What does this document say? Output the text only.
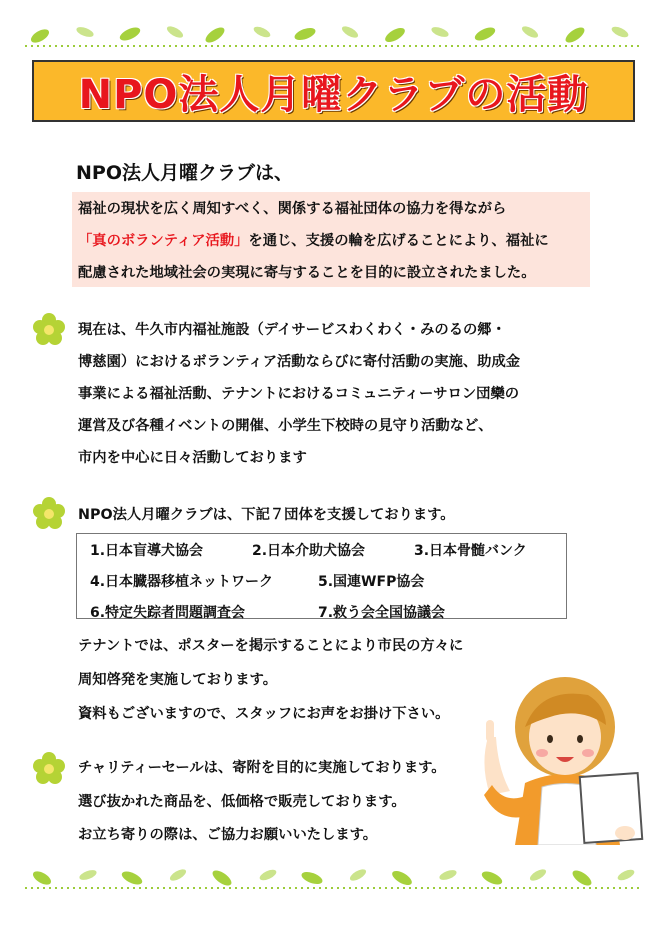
NPO法人月曜クラブの活動
NPO法人月曜クラブは、
福祉の現状を広く周知すべく、関係する福祉団体の協力を得ながら
「真のボランティア活動」を通じ、支援の輪を広げることにより、福祉に
配慮された地域社会の実現に寄与することを目的に設立されたました。
現在は、牛久市内福祉施設（デイサービスわくわく・みのるの郷・
博慈園）におけるボランティア活動ならびに寄付活動の実施、助成金
事業による福祉活動、テナントにおけるコミュニティーサロン団欒の
運営及び各種イベントの開催、小学生下校時の見守り活動など、
市内を中心に日々活動しております
NPO法人月曜クラブは、下記７団体を支援しております。
1.日本盲導犬協会	2.日本介助犬協会	3.日本骨髄バンク
4.日本臓器移植ネットワーク	5.国連WFP協会
6.特定失踪者問題調査会	7.救う会全国協議会
テナントでは、ポスターを掲示することにより市民の方々に
周知啓発を実施しております。
資料もございますので、スタッフにお声をお掛け下さい。
チャリティーセールは、寄附を目的に実施しております。
選び抜かれた商品を、低価格で販売しております。
お立ち寄りの際は、ご協力お願いいたします。
